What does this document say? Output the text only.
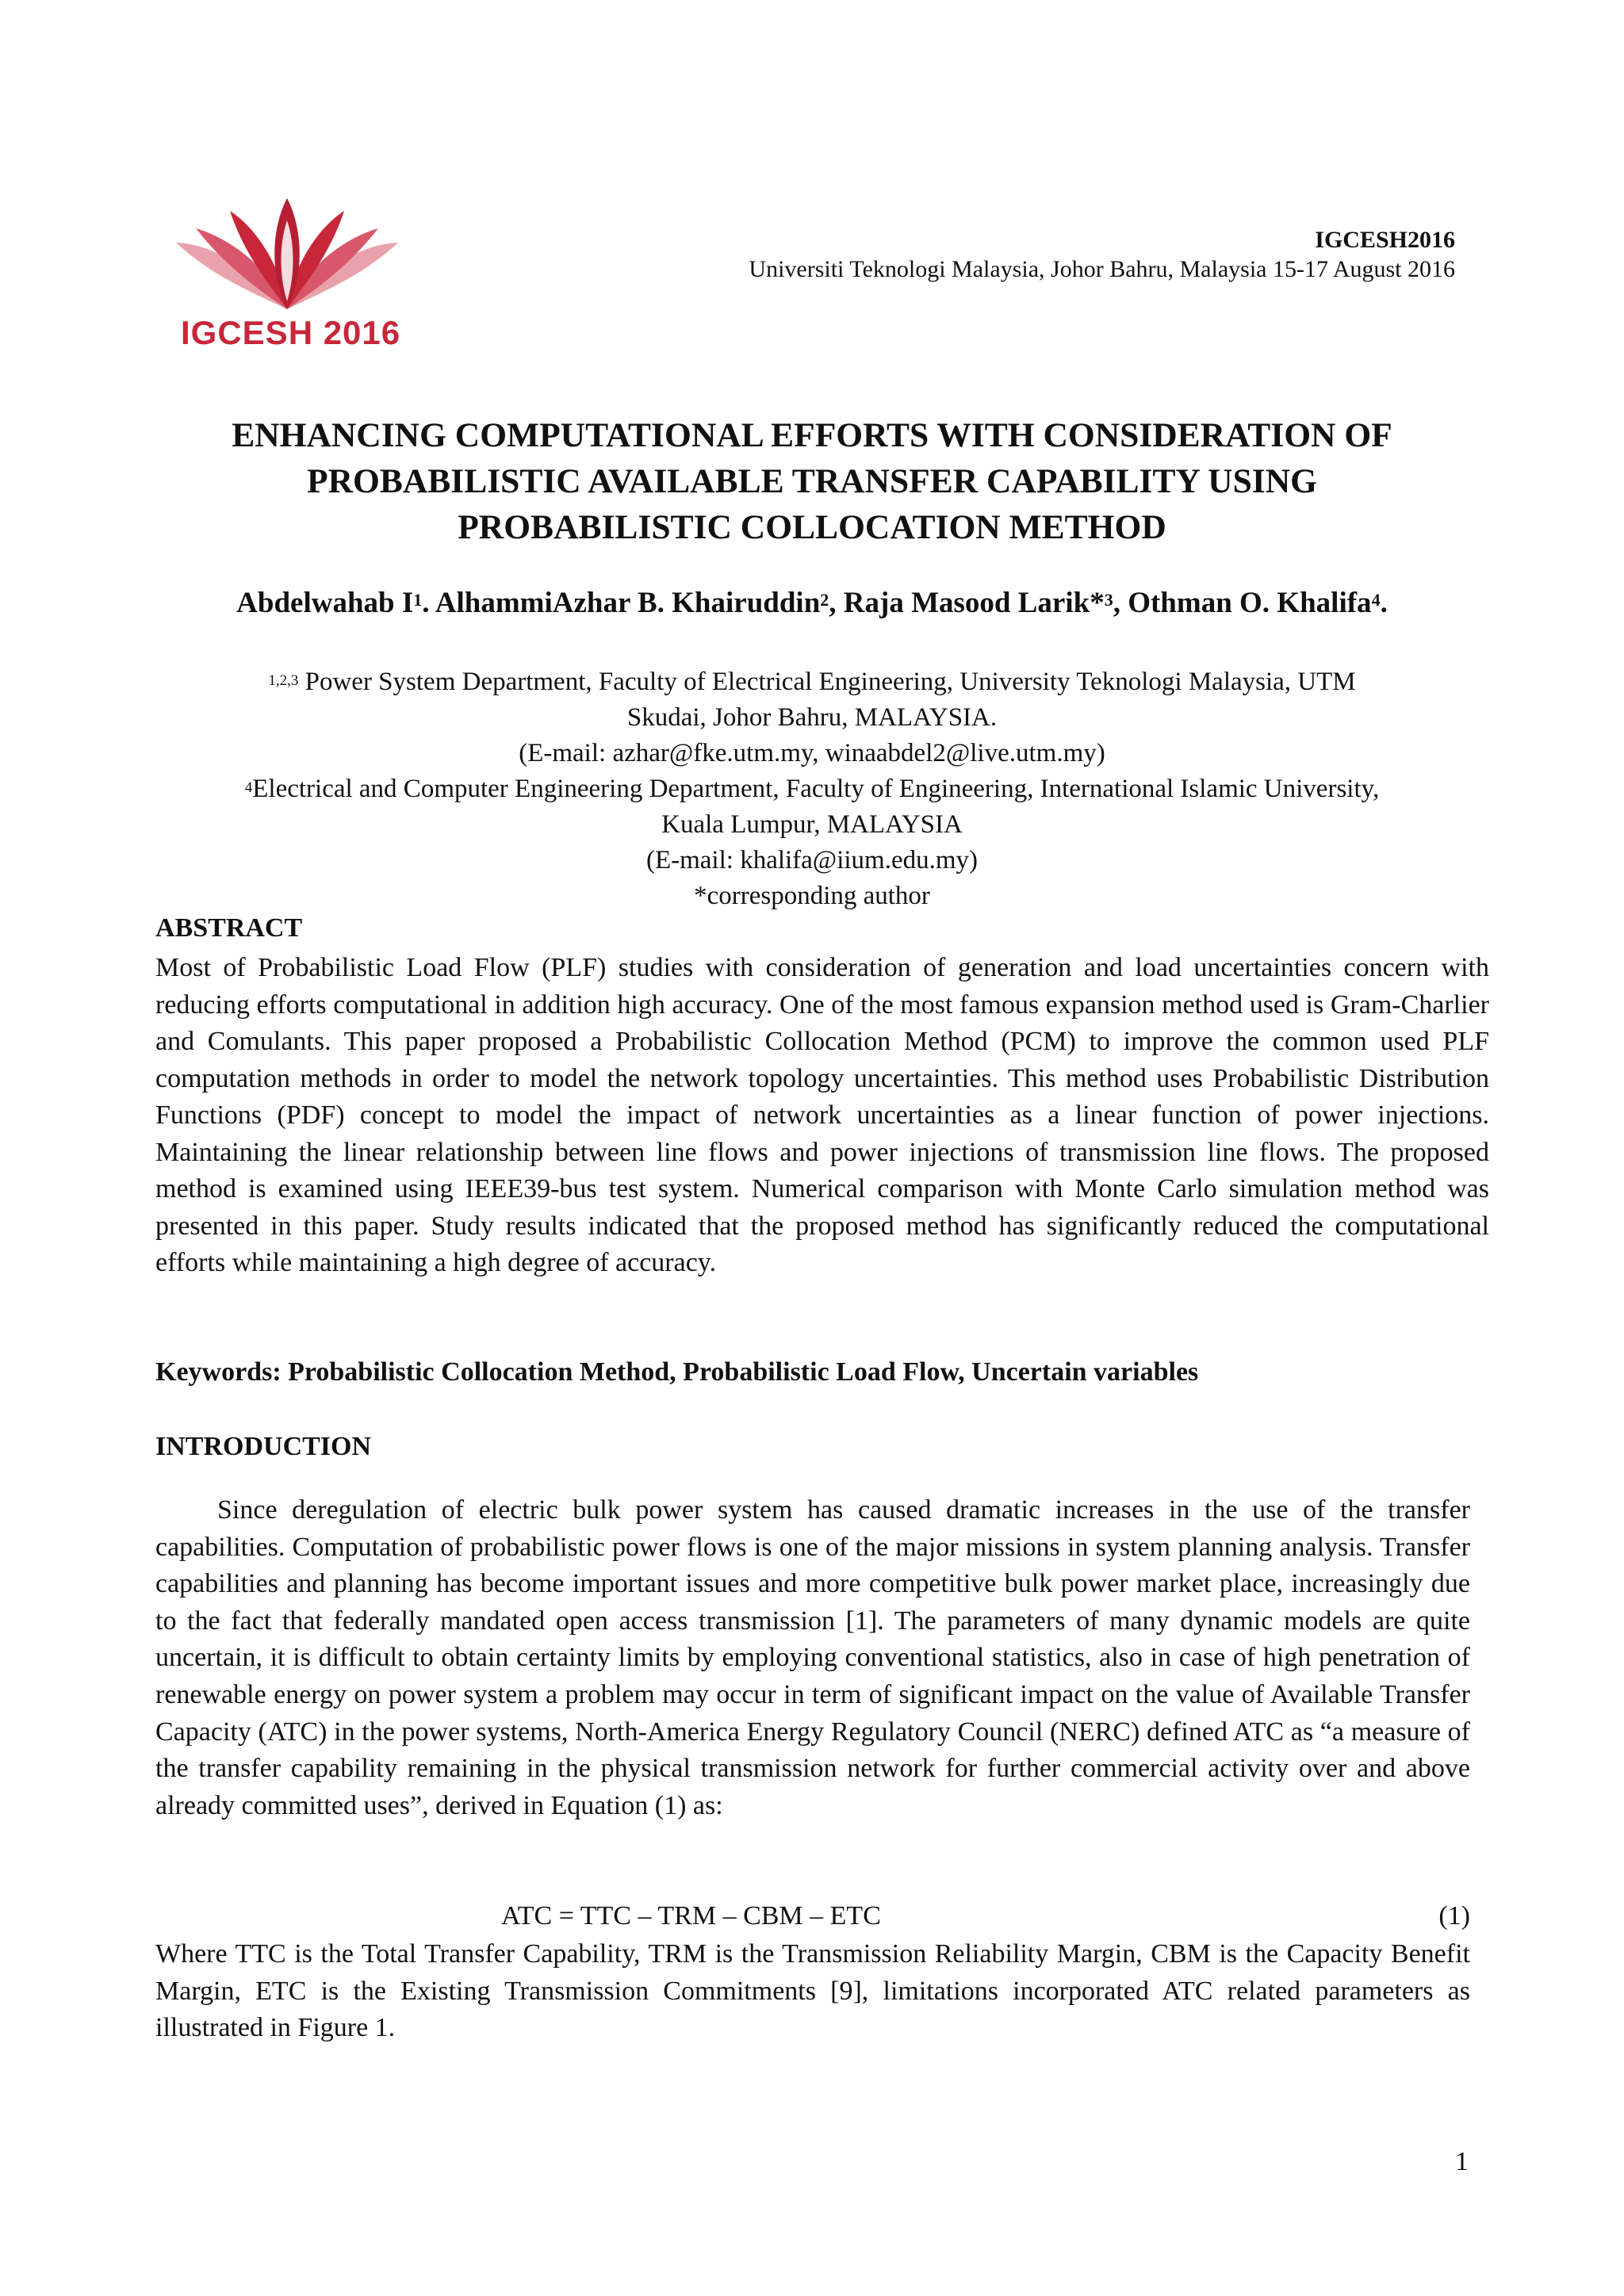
IGCESH 2016
IGCESH2016
Universiti Teknologi Malaysia, Johor Bahru, Malaysia 15-17 August 2016
ENHANCING COMPUTATIONAL EFFORTS WITH CONSIDERATION OF
PROBABILISTIC AVAILABLE TRANSFER CAPABILITY USING
PROBABILISTIC COLLOCATION METHOD
Abdelwahab $I^1$. AlhammiAzhar B. Khairuddin$^2$, Raja Masood Larik*$^3$, Othman O. Khalifa$^4$.
$^{1,2,3}$ Power System Department, Faculty of Electrical Engineering, University Teknologi Malaysia, UTM
Skudai, Johor Bahru, MALAYSIA.
(E-mail: azhar@fke.utm.my, winaabdel2@live.utm.my)
$^4$Electrical and Computer Engineering Department, Faculty of Engineering, International Islamic University,
Kuala Lumpur, MALAYSIA
(E-mail: khalifa@iium.edu.my)
*corresponding author
ABSTRACT
Most of Probabilistic Load Flow (PLF) studies with consideration of generation and load uncertainties concern with reducing efforts computational in addition high accuracy. One of the most famous expansion method used is Gram-Charlier and Comulants. This paper proposed a Probabilistic Collocation Method (PCM) to improve the common used PLF computation methods in order to model the network topology uncertainties. This method uses Probabilistic Distribution Functions (PDF) concept to model the impact of network uncertainties as a linear function of power injections. Maintaining the linear relationship between line flows and power injections of transmission line flows. The proposed method is examined using IEEE39-bus test system. Numerical comparison with Monte Carlo simulation method was presented in this paper. Study results indicated that the proposed method has significantly reduced the computational efforts while maintaining a high degree of accuracy.
Keywords: Probabilistic Collocation Method, Probabilistic Load Flow, Uncertain variables
INTRODUCTION
Since deregulation of electric bulk power system has caused dramatic increases in the use of the transfer capabilities. Computation of probabilistic power flows is one of the major missions in system planning analysis. Transfer capabilities and planning has become important issues and more competitive bulk power market place, increasingly due to the fact that federally mandated open access transmission [1]. The parameters of many dynamic models are quite uncertain, it is difficult to obtain certainty limits by employing conventional statistics, also in case of high penetration of renewable energy on power system a problem may occur in term of significant impact on the value of Available Transfer Capacity (ATC) in the power systems, North-America Energy Regulatory Council (NERC) defined ATC as “a measure of the transfer capability remaining in the physical transmission network for further commercial activity over and above already committed uses”, derived in Equation (1) as:
ATC = TTC – TRM – CBM – ETC	(1)
Where TTC is the Total Transfer Capability, TRM is the Transmission Reliability Margin, CBM is the Capacity Benefit Margin, ETC is the Existing Transmission Commitments [9], limitations incorporated ATC related parameters as illustrated in Figure 1.
1
